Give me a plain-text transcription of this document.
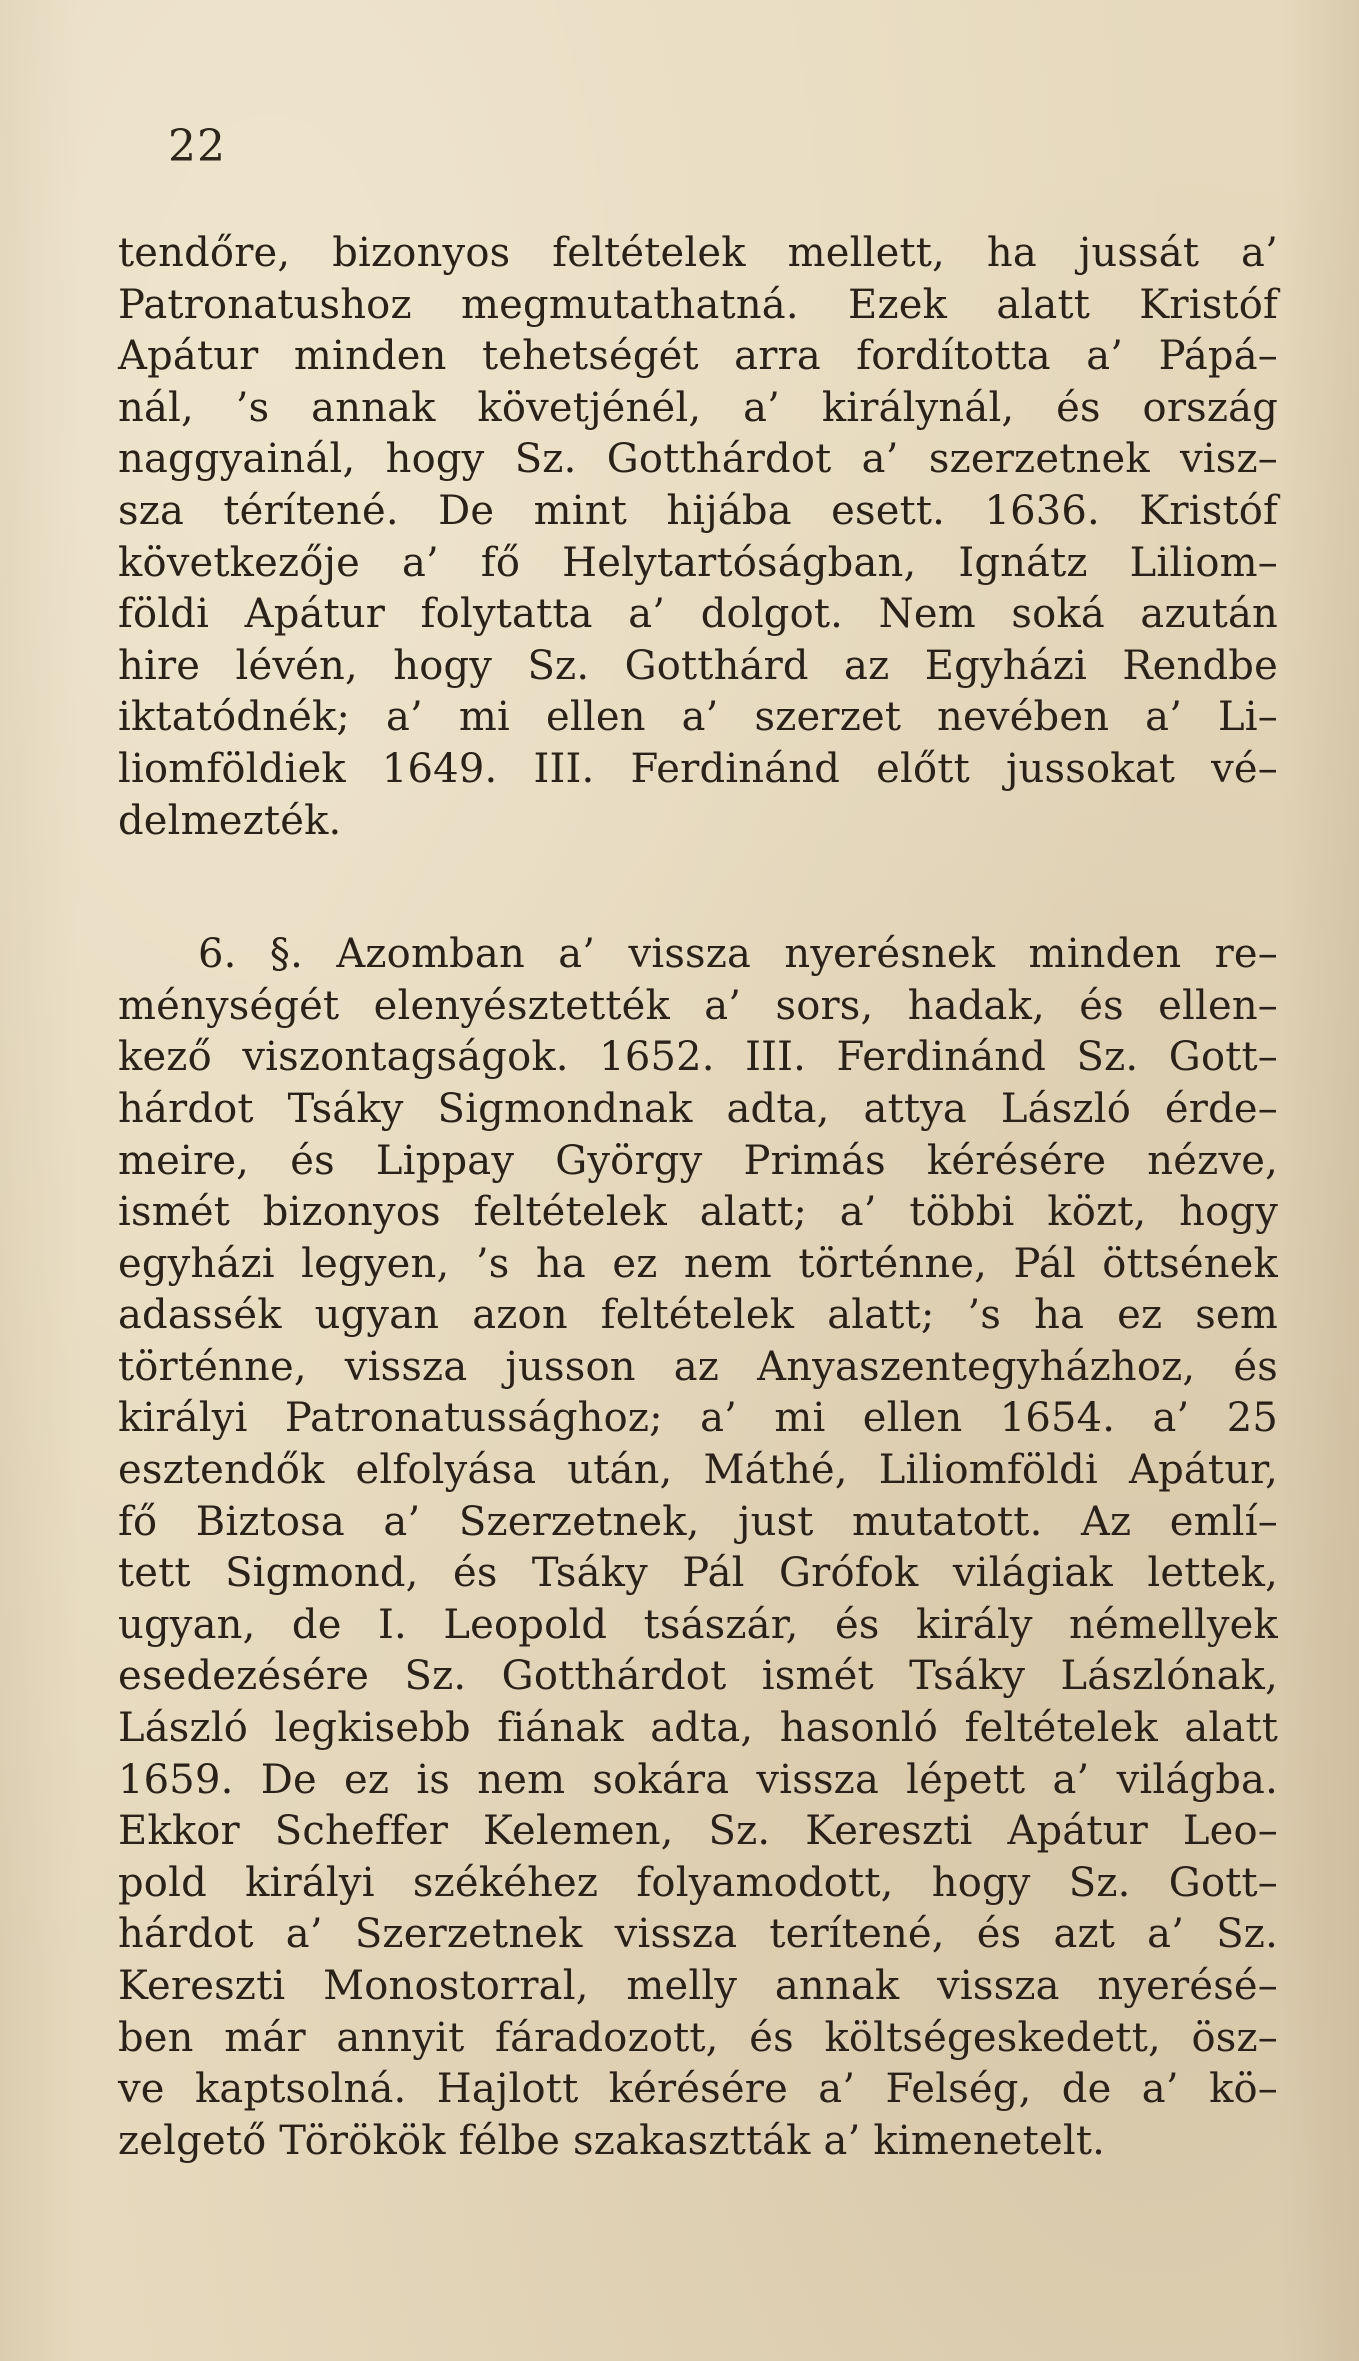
22
tendőre, bizonyos feltételek mellett, ha jussát a’
Patronatushoz megmutathatná. Ezek alatt Kristóf
Apátur minden tehetségét arra fordította a’ Pápá–
nál, ’s annak követjénél, a’ királynál, és ország
naggyainál, hogy Sz. Gotthárdot a’ szerzetnek visz–
sza térítené. De mint hijába esett. 1636. Kristóf
következője a’ fő Helytartóságban, Ignátz Liliom–
földi Apátur folytatta a’ dolgot. Nem soká azután
hire lévén, hogy Sz. Gotthárd az Egyházi Rendbe
iktatódnék; a’ mi ellen a’ szerzet nevében a’ Li–
liomföldiek 1649. III. Ferdinánd előtt jussokat vé–
delmezték.
6. §. Azomban a’ vissza nyerésnek minden re–
ménységét elenyésztették a’ sors, hadak, és ellen–
kező viszontagságok. 1652. III. Ferdinánd Sz. Gott–
hárdot Tsáky Sigmondnak adta, attya László érde–
meire, és Lippay György Primás kérésére nézve,
ismét bizonyos feltételek alatt; a’ többi közt, hogy
egyházi legyen, ’s ha ez nem történne, Pál öttsének
adassék ugyan azon feltételek alatt; ’s ha ez sem
történne, vissza jusson az Anyaszentegyházhoz, és
királyi Patronatussághoz; a’ mi ellen 1654. a’ 25
esztendők elfolyása után, Máthé, Liliomföldi Apátur,
fő Biztosa a’ Szerzetnek, just mutatott. Az emlí–
tett Sigmond, és Tsáky Pál Grófok világiak lettek,
ugyan, de I. Leopold tsászár, és király némellyek
esedezésére Sz. Gotthárdot ismét Tsáky Lászlónak,
László legkisebb fiának adta, hasonló feltételek alatt
1659. De ez is nem sokára vissza lépett a’ világba.
Ekkor Scheffer Kelemen, Sz. Kereszti Apátur Leo–
pold királyi székéhez folyamodott, hogy Sz. Gott–
hárdot a’ Szerzetnek vissza terítené, és azt a’ Sz.
Kereszti Monostorral, melly annak vissza nyerésé–
ben már annyit fáradozott, és költségeskedett, ösz–
ve kaptsolná. Hajlott kérésére a’ Felség, de a’ kö–
zelgető Törökök félbe szakasztták a’ kimenetelt.
